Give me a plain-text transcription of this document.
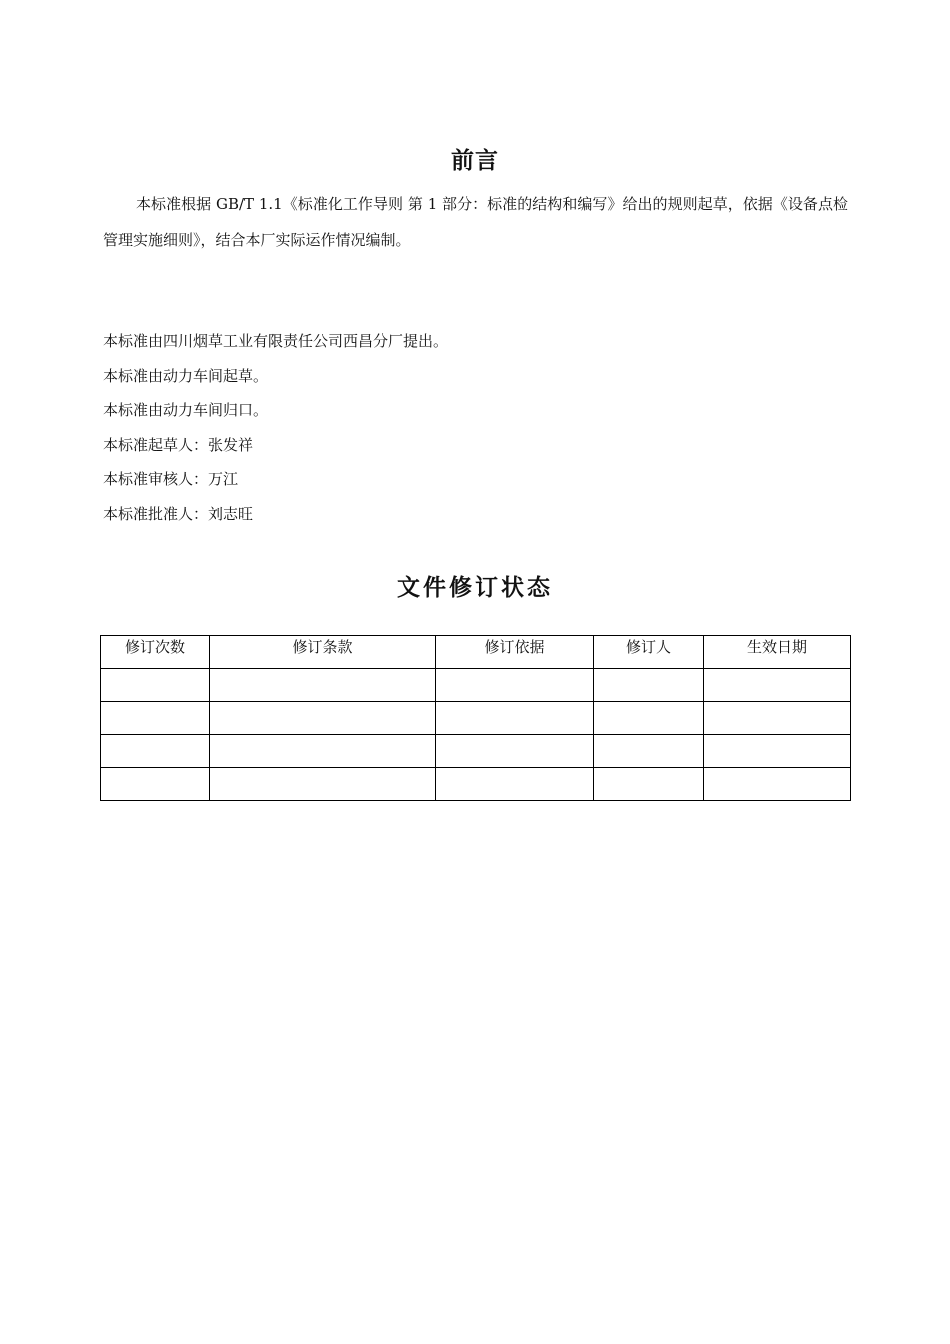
前言

本标准根据 GB/T 1.1《标准化工作导则 第 1 部分：标准的结构和编写》给出的规则起草，依据《设备点检管理实施细则》，结合本厂实际运作情况编制。

本标准由四川烟草工业有限责任公司西昌分厂提出。
本标准由动力车间起草。
本标准由动力车间归口。
本标准起草人：张发祥
本标准审核人：万江
本标准批准人：刘志旺
文件修订状态
修订次数	修订条款	修订依据	修订人	生效日期
